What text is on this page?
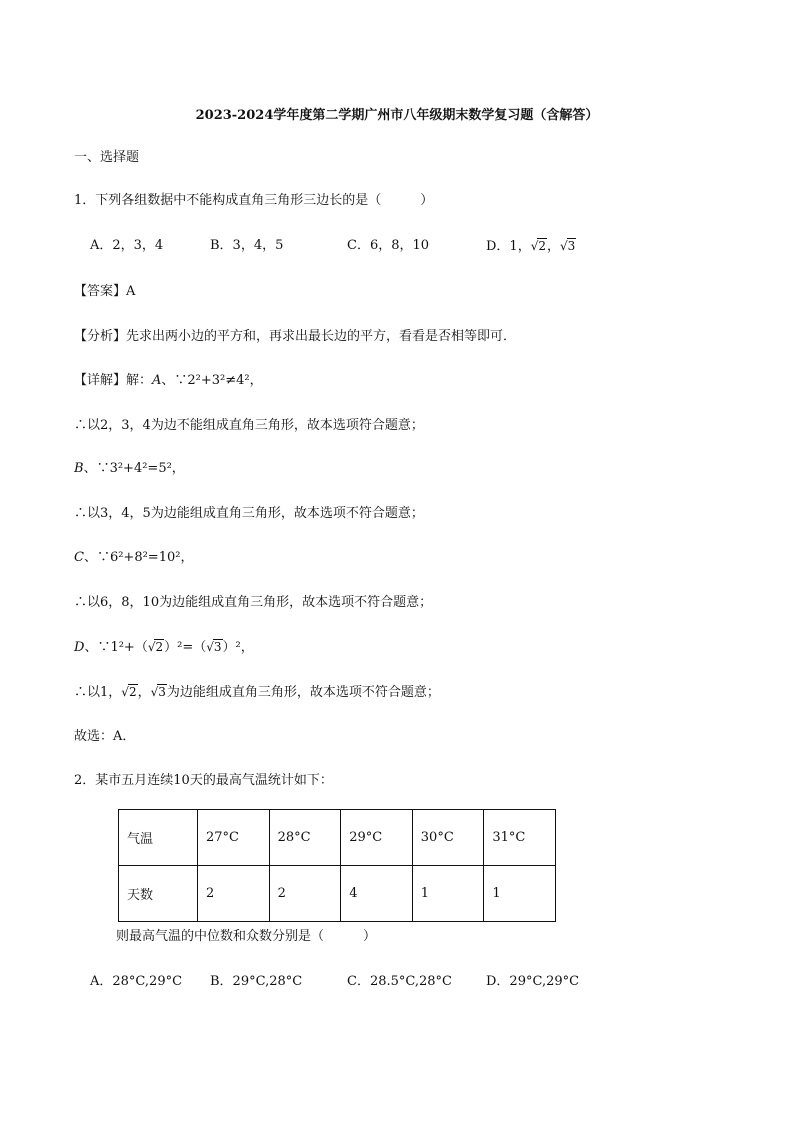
2023-2024学年度第二学期广州市八年级期末数学复习题（含解答）
一、选择题
1．下列各组数据中不能构成直角三角形三边长的是（　　　）
A．2，3，4	B．3，4，5	C．6，8，10	D．1，√2，√3
【答案】A
【分析】先求出两小边的平方和，再求出最长边的平方，看看是否相等即可．
【详解】解：A、∵2²+3²≠4²，
∴以2，3，4为边不能组成直角三角形，故本选项符合题意；
B、∵3²+4²=5²，
∴以3，4，5为边能组成直角三角形，故本选项不符合题意；
C、∵6²+8²=10²，
∴以6，8，10为边能组成直角三角形，故本选项不符合题意；
D、∵1²+（√2）²=（√3）²，
∴以1，√2，√3为边能组成直角三角形，故本选项不符合题意；
故选：A．
2．某市五月连续10天的最高气温统计如下：
气温	27°C	28°C	29°C	30°C	31°C
天数	2	2	4	1	1
则最高气温的中位数和众数分别是（　　　）
A．28°C,29°C B．29°C,28°C	C．28.5°C,28°C	D．29°C,29°C
